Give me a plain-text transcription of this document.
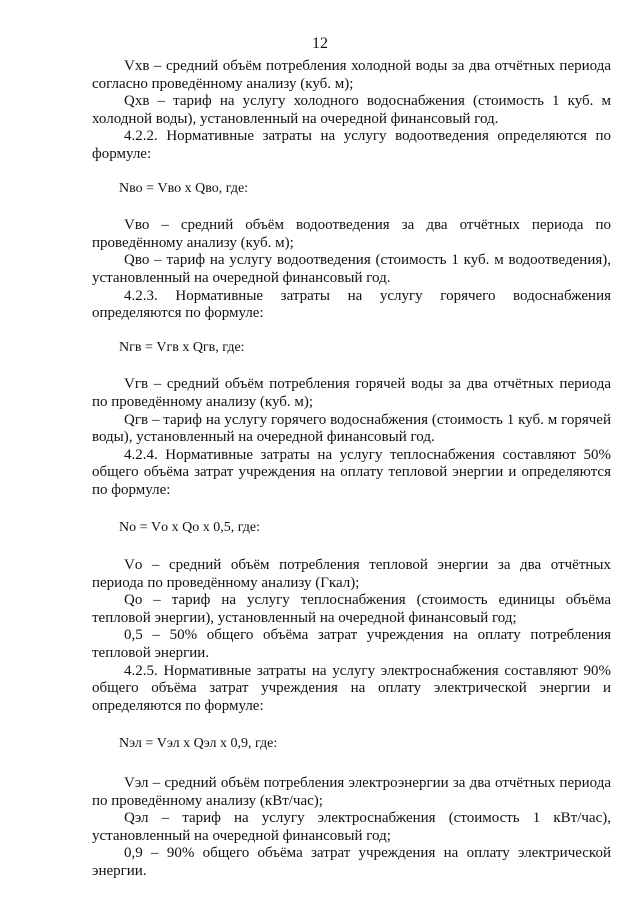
12

Vхв – средний объём потребления холодной воды за два отчётных периода согласно проведённому анализу (куб. м);

Qхв – тариф на услугу холодного водоснабжения (стоимость 1 куб. м холодной воды), установленный на очередной финансовый год.

4.2.2. Нормативные затраты на услугу водоотведения определяются по формуле:

Nво = Vво x Qво, где:

Vво – средний объём водоотведения за два отчётных периода по проведённому анализу (куб. м);

Qво – тариф на услугу водоотведения (стоимость 1 куб. м водоотведения), установленный на очередной финансовый год.

4.2.3. Нормативные затраты на услугу горячего водоснабжения определяются по формуле:

Nгв = Vгв x Qгв, где:

Vгв – средний объём потребления горячей воды за два отчётных периода по проведённому анализу (куб. м);

Qгв – тариф на услугу горячего водоснабжения (стоимость 1 куб. м горячей воды), установленный на очередной финансовый год.

4.2.4. Нормативные затраты на услугу теплоснабжения составляют 50% общего объёма затрат учреждения на оплату тепловой энергии и определяются по формуле:

Nо = Vо x Qо x 0,5, где:

Vо – средний объём потребления тепловой энергии за два отчётных периода по проведённому анализу (Гкал);

Qо – тариф на услугу теплоснабжения (стоимость единицы объёма тепловой энергии), установленный на очередной финансовый год;

0,5 – 50% общего объёма затрат учреждения на оплату потребления тепловой энергии.

4.2.5. Нормативные затраты на услугу электроснабжения составляют 90% общего объёма затрат учреждения на оплату электрической энергии и определяются по формуле:

Nэл = Vэл x Qэл x 0,9, где:

Vэл – средний объём потребления электроэнергии за два отчётных периода по проведённому анализу (кВт/час);

Qэл – тариф на услугу электроснабжения (стоимость 1 кВт/час), установленный на очередной финансовый год;

0,9 – 90% общего объёма затрат учреждения на оплату электрической энергии.
